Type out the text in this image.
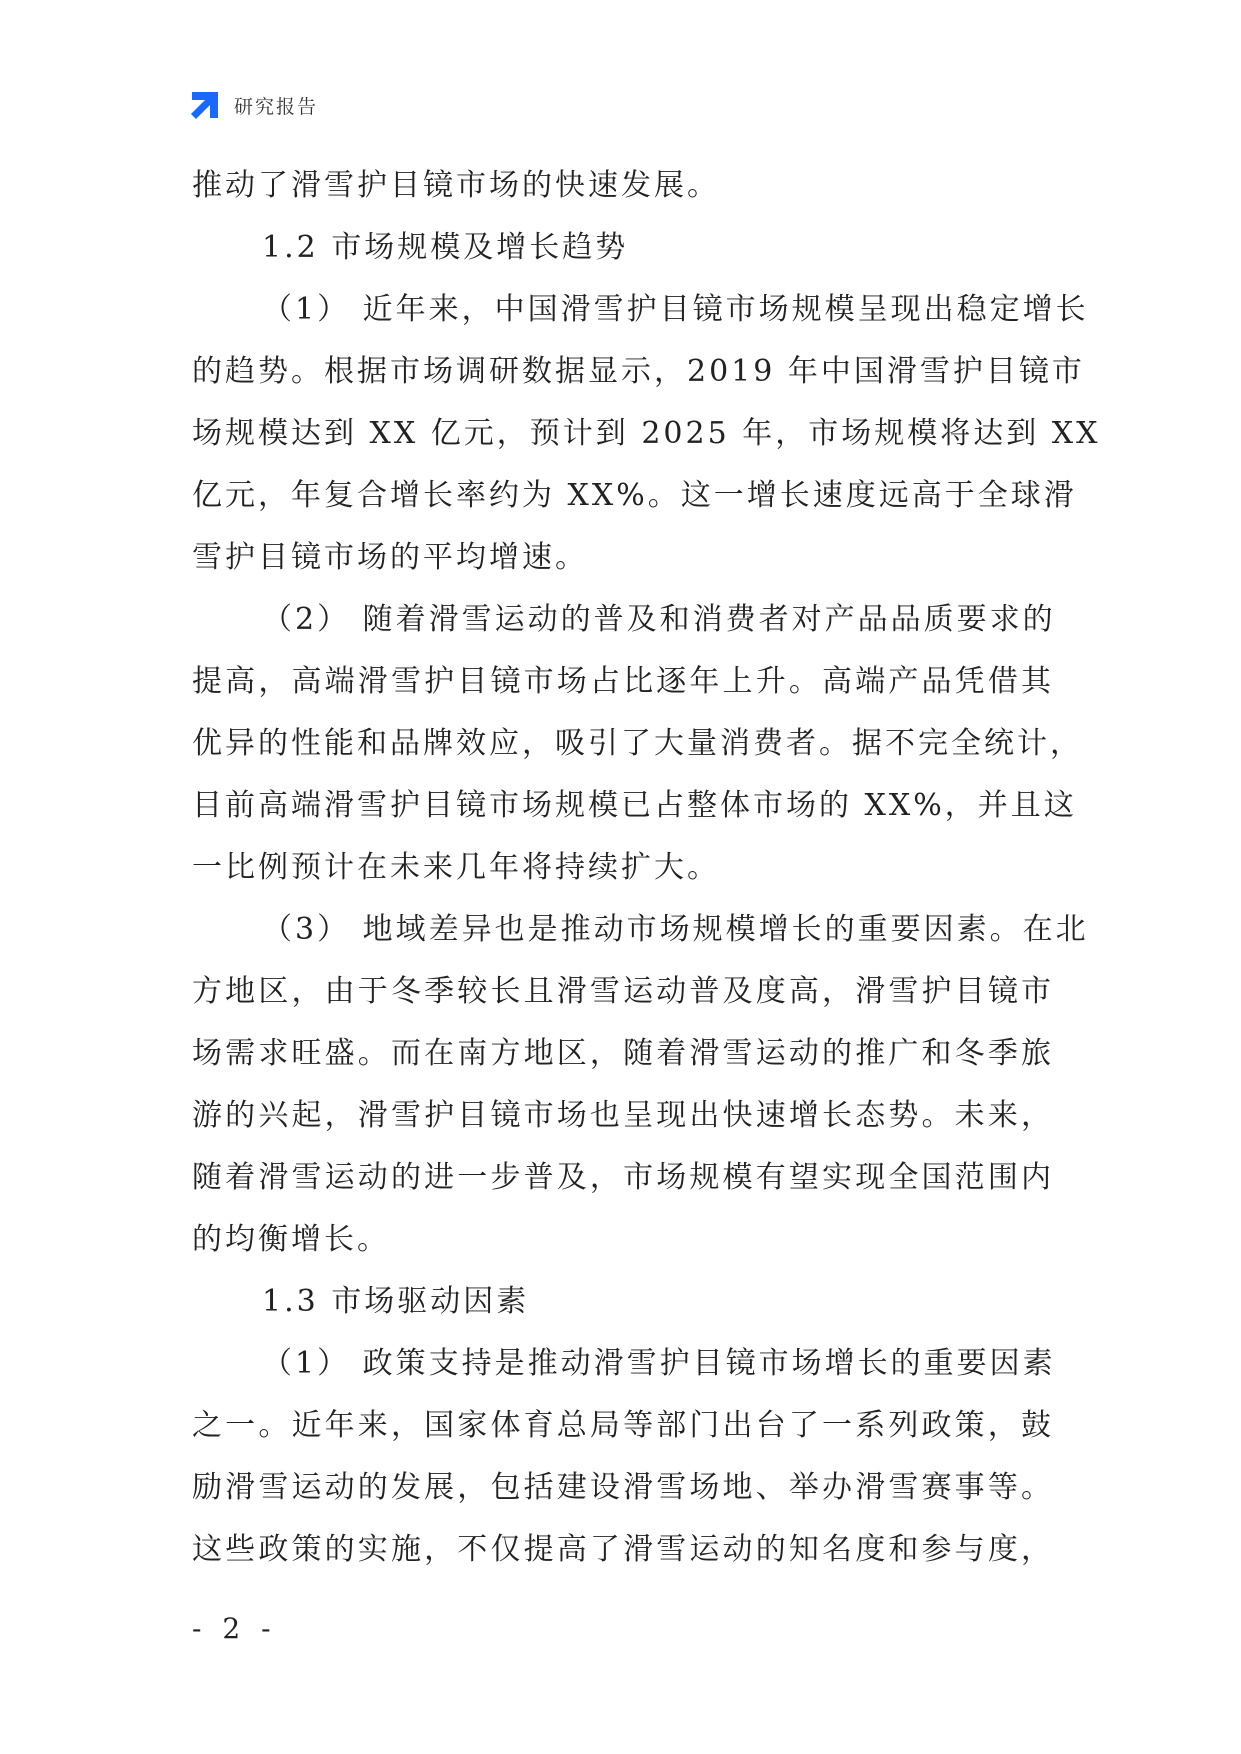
研究报告
推动了滑雪护目镜市场的快速发展。
1.2 市场规模及增长趋势
（1） 近年来，中国滑雪护目镜市场规模呈现出稳定增长
的趋势。根据市场调研数据显示，2019 年中国滑雪护目镜市
场规模达到 XX 亿元，预计到 2025 年，市场规模将达到 XX
亿元，年复合增长率约为 XX%。这一增长速度远高于全球滑
雪护目镜市场的平均增速。
（2） 随着滑雪运动的普及和消费者对产品品质要求的
提高，高端滑雪护目镜市场占比逐年上升。高端产品凭借其
优异的性能和品牌效应，吸引了大量消费者。据不完全统计，
目前高端滑雪护目镜市场规模已占整体市场的 XX%，并且这
一比例预计在未来几年将持续扩大。
（3） 地域差异也是推动市场规模增长的重要因素。在北
方地区，由于冬季较长且滑雪运动普及度高，滑雪护目镜市
场需求旺盛。而在南方地区，随着滑雪运动的推广和冬季旅
游的兴起，滑雪护目镜市场也呈现出快速增长态势。未来，
随着滑雪运动的进一步普及，市场规模有望实现全国范围内
的均衡增长。
1.3 市场驱动因素
（1） 政策支持是推动滑雪护目镜市场增长的重要因素
之一。近年来，国家体育总局等部门出台了一系列政策，鼓
励滑雪运动的发展，包括建设滑雪场地、举办滑雪赛事等。
这些政策的实施，不仅提高了滑雪运动的知名度和参与度，
- 2 -
